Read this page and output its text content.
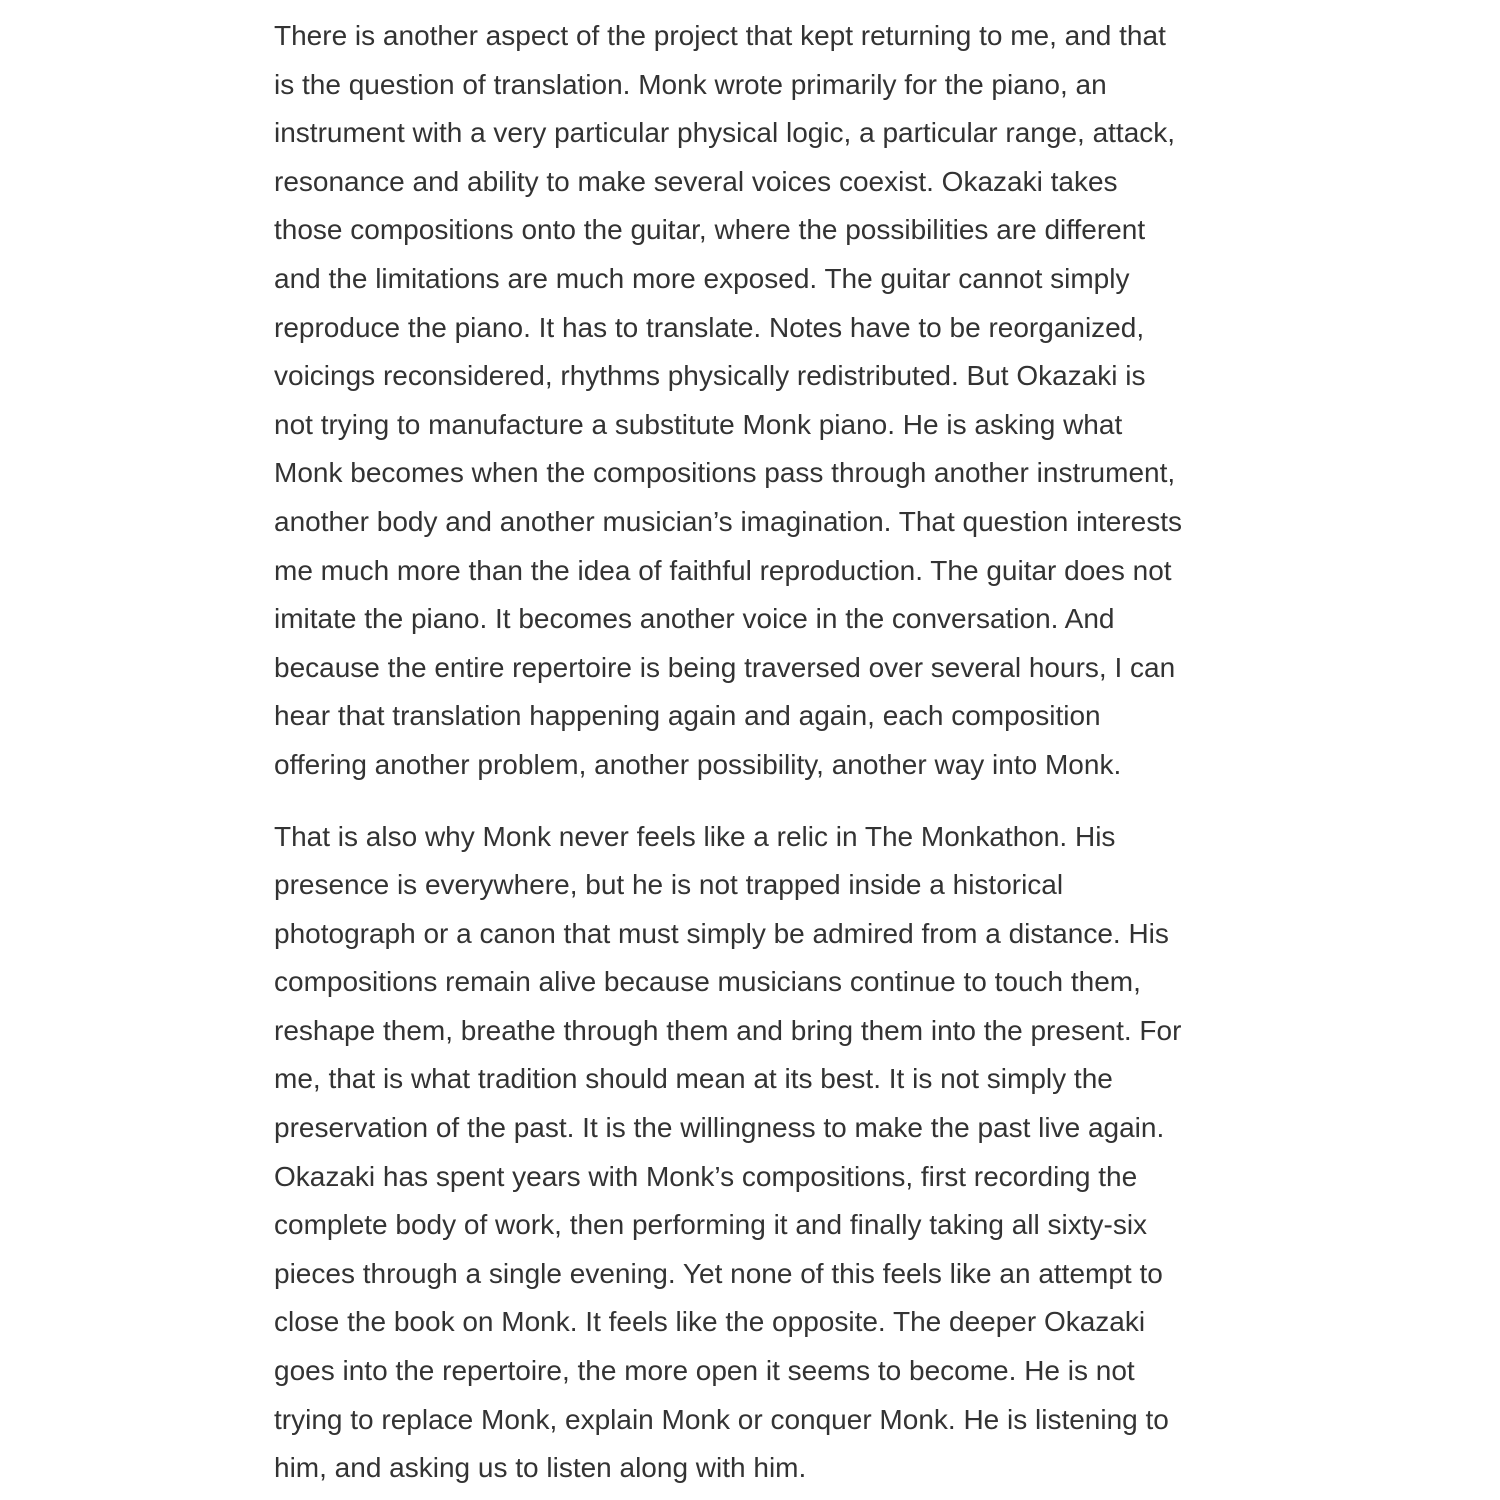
There is another aspect of the project that kept returning to me, and that
is the question of translation. Monk wrote primarily for the piano, an
instrument with a very particular physical logic, a particular range, attack,
resonance and ability to make several voices coexist. Okazaki takes
those compositions onto the guitar, where the possibilities are different
and the limitations are much more exposed. The guitar cannot simply
reproduce the piano. It has to translate. Notes have to be reorganized,
voicings reconsidered, rhythms physically redistributed. But Okazaki is
not trying to manufacture a substitute Monk piano. He is asking what
Monk becomes when the compositions pass through another instrument,
another body and another musician’s imagination. That question interests
me much more than the idea of faithful reproduction. The guitar does not
imitate the piano. It becomes another voice in the conversation. And
because the entire repertoire is being traversed over several hours, I can
hear that translation happening again and again, each composition
offering another problem, another possibility, another way into Monk.
That is also why Monk never feels like a relic in The Monkathon. His
presence is everywhere, but he is not trapped inside a historical
photograph or a canon that must simply be admired from a distance. His
compositions remain alive because musicians continue to touch them,
reshape them, breathe through them and bring them into the present. For
me, that is what tradition should mean at its best. It is not simply the
preservation of the past. It is the willingness to make the past live again.
Okazaki has spent years with Monk’s compositions, first recording the
complete body of work, then performing it and finally taking all sixty-six
pieces through a single evening. Yet none of this feels like an attempt to
close the book on Monk. It feels like the opposite. The deeper Okazaki
goes into the repertoire, the more open it seems to become. He is not
trying to replace Monk, explain Monk or conquer Monk. He is listening to
him, and asking us to listen along with him.
